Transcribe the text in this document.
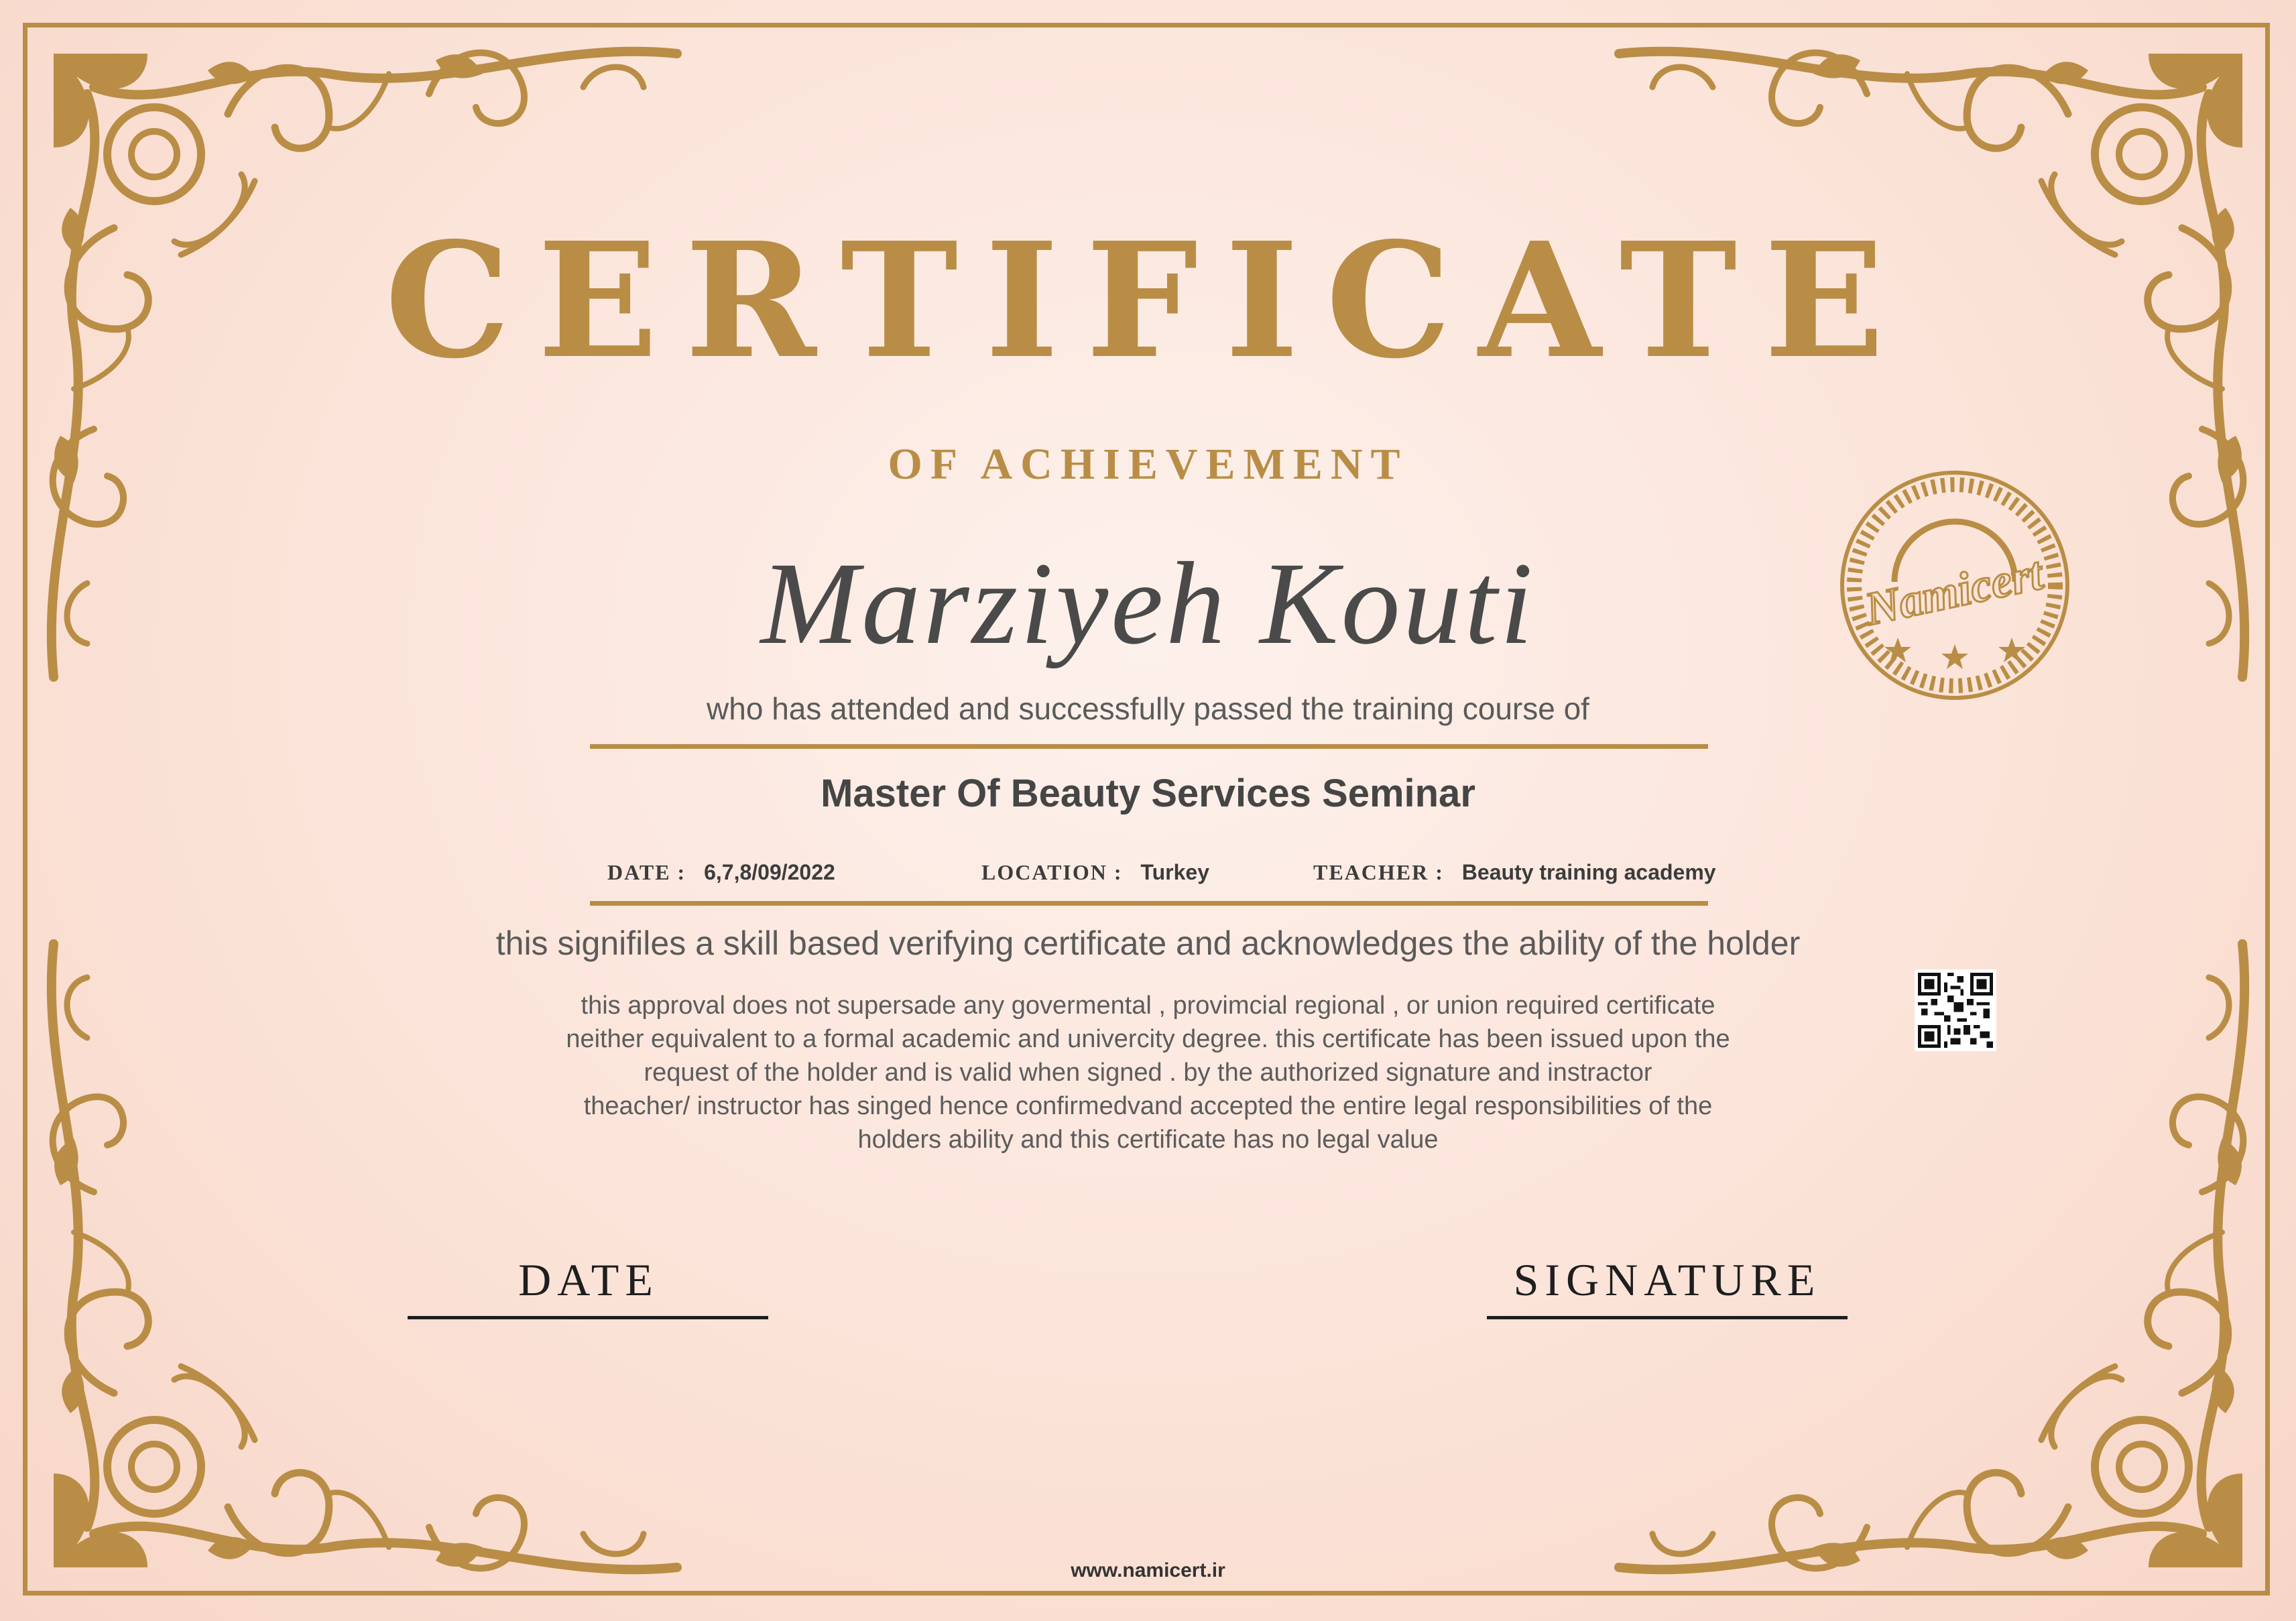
CERTIFICATE
OF ACHIEVEMENT
Marziyeh Kouti
who has attended and successfully passed the training course of
Master Of Beauty Services Seminar
DATE : 6,7,8/09/2022	LOCATION : Turkey	TEACHER : Beauty training academy
this signifiles a skill based verifying certificate and acknowledges the ability of the holder
this approval does not supersade any govermental , provimcial regional , or union required certificate
neither equivalent to a formal academic and univercity degree. this certificate has been issued upon the
request of the holder and is valid when signed . by the authorized signature and instractor
theacher/ instructor has singed hence confirmedvand accepted the entire legal responsibilities of the
holders ability and this certificate has no legal value
Namicert
DATE	SIGNATURE
www.namicert.ir
